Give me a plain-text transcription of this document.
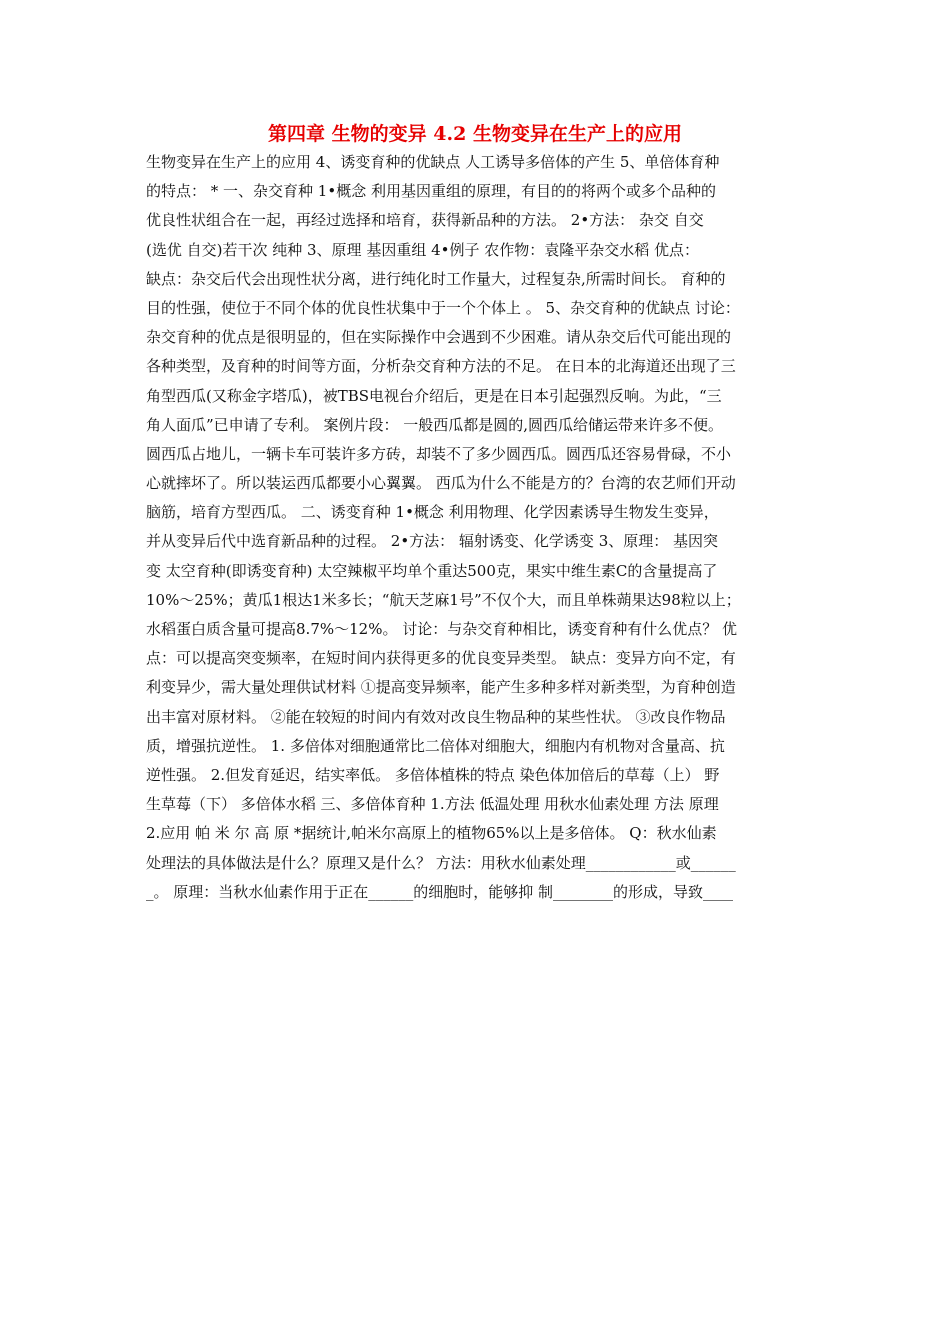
第四章 生物的变异 4.2 生物变异在生产上的应用
生物变异在生产上的应用 4、诱变育种的优缺点 人工诱导多倍体的产生 5、单倍体育种
的特点： * 一、杂交育种 1•概念 利用基因重组的原理，有目的的将两个或多个品种的
优良性状组合在一起，再经过选择和培育，获得新品种的方法。 2•方法： 杂交 自交
(选优 自交)若干次 纯种 3、原理 基因重组 4•例子 农作物：袁隆平杂交水稻 优点：
缺点：杂交后代会出现性状分离，进行纯化时工作量大，过程复杂,所需时间长。 育种的
目的性强，使位于不同个体的优良性状集中于一个个体上 。 5、杂交育种的优缺点 讨论：
杂交育种的优点是很明显的，但在实际操作中会遇到不少困难。请从杂交后代可能出现的
各种类型，及育种的时间等方面，分析杂交育种方法的不足。 在日本的北海道还出现了三
角型西瓜(又称金字塔瓜)，被TBS电视台介绍后，更是在日本引起强烈反响。为此，“三
角人面瓜”已申请了专利。 案例片段： 一般西瓜都是圆的,圆西瓜给储运带来许多不便。
圆西瓜占地儿，一辆卡车可装许多方砖，却装不了多少圆西瓜。圆西瓜还容易骨碌，不小
心就摔坏了。所以装运西瓜都要小心翼翼。 西瓜为什么不能是方的？台湾的农艺师们开动
脑筋，培育方型西瓜。 二、诱变育种 1•概念 利用物理、化学因素诱导生物发生变异，
并从变异后代中选育新品种的过程。 2•方法： 辐射诱变、化学诱变 3、原理： 基因突
变 太空育种(即诱变育种) 太空辣椒平均单个重达500克，果实中维生素C的含量提高了
10%～25%；黄瓜1根达1米多长；“航天芝麻1号”不仅个大，而且单株蒴果达98粒以上；
水稻蛋白质含量可提高8.7%～12%。 讨论：与杂交育种相比，诱变育种有什么优点？ 优
点：可以提高突变频率，在短时间内获得更多的优良变异类型。 缺点：变异方向不定，有
利变异少，需大量处理供试材料 ①提高变异频率，能产生多种多样对新类型，为育种创造
出丰富对原材料。 ②能在较短的时间内有效对改良生物品种的某些性状。 ③改良作物品
质，增强抗逆性。 1. 多倍体对细胞通常比二倍体对细胞大，细胞内有机物对含量高、抗
逆性强。 2.但发育延迟，结实率低。 多倍体植株的特点 染色体加倍后的草莓（上） 野
生草莓（下） 多倍体水稻 三、多倍体育种 1.方法 低温处理 用秋水仙素处理 方法 原理
2.应用 帕 米 尔 高 原 *据统计,帕米尔高原上的植物65%以上是多倍体。 Q：秋水仙素
处理法的具体做法是什么？原理又是什么？ 方法：用秋水仙素处理____________或______
_。 原理：当秋水仙素作用于正在______的细胞时，能够抑 制________的形成，导致____
